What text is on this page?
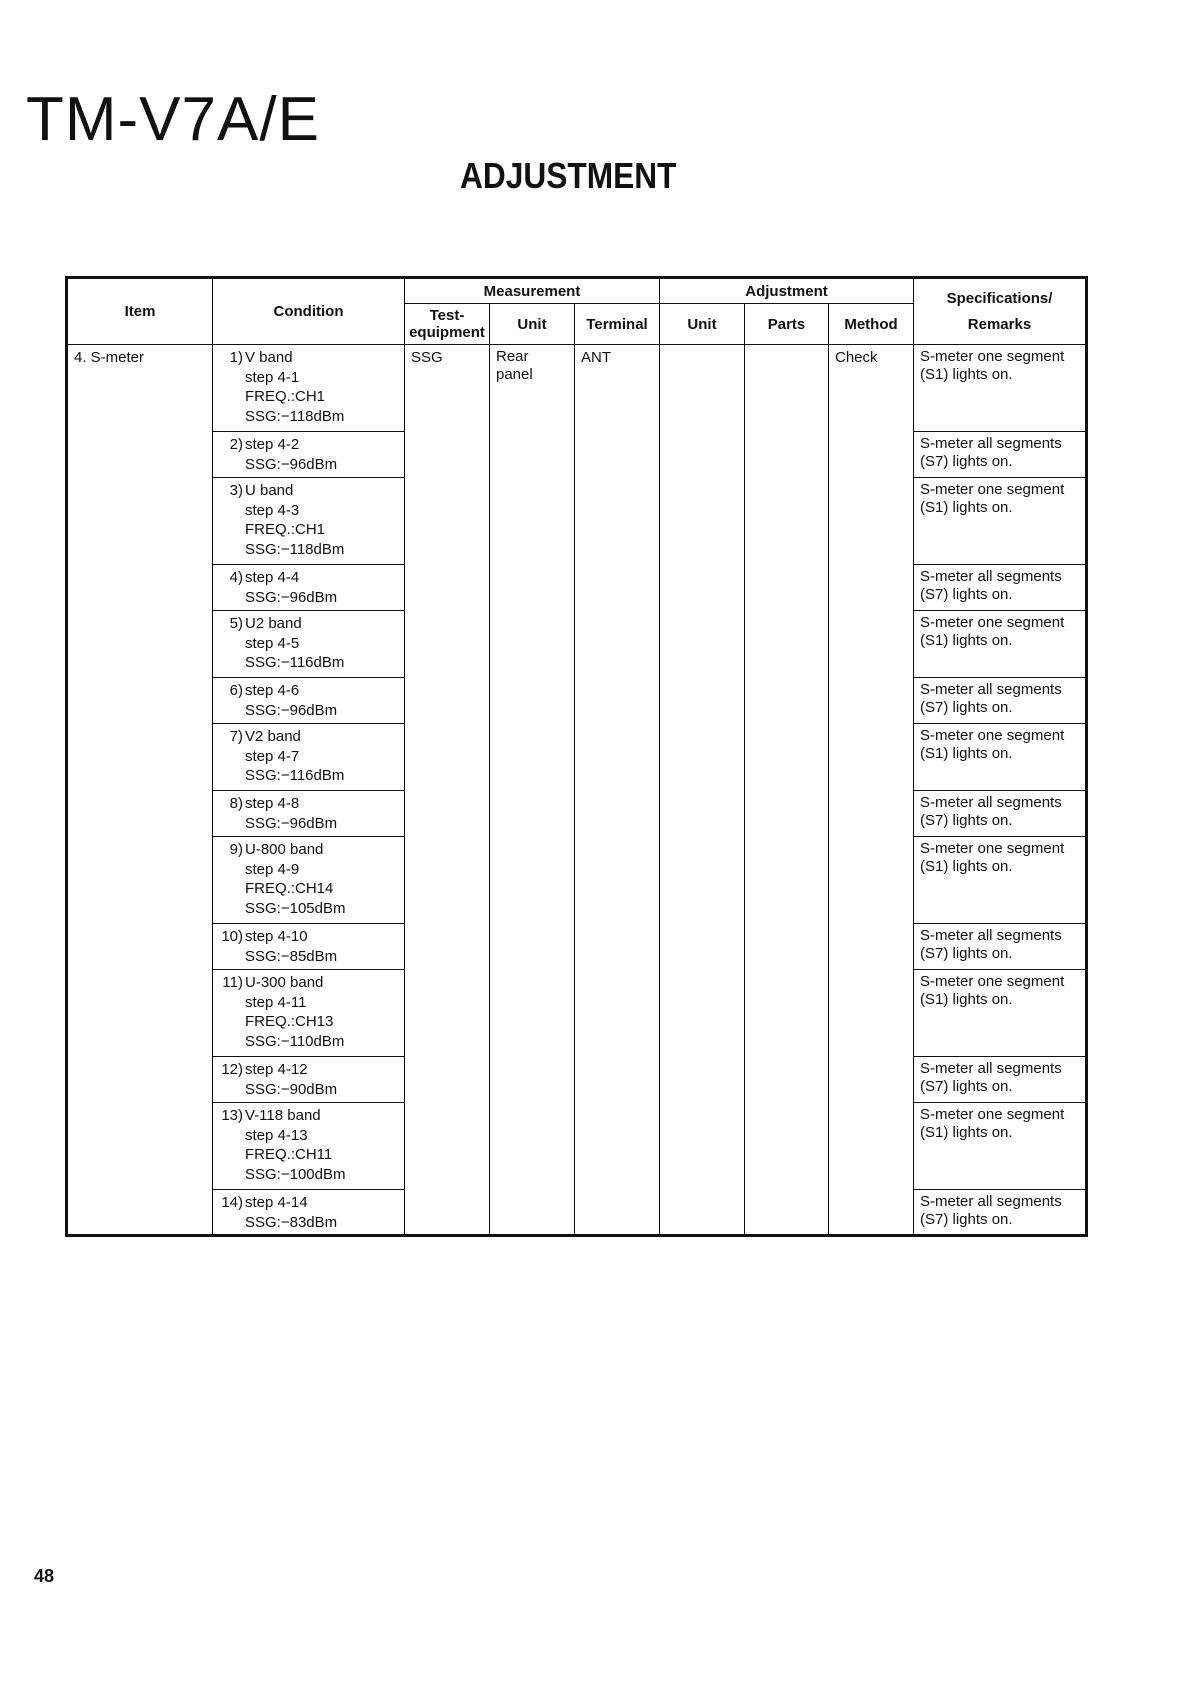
TM-V7A/E
ADJUSTMENT
Item	Condition	Measurement			Adjustment			Specifications/
Remarks

		Test-equipment	Unit	Terminal	Unit	Parts	Method	
4. S-meter	1) V band
step 4-1
FREQ.:CH1
SSG:−118dBm	SSG	Rear
panel	ANT			Check	S-meter one segment
(S1) lights on.

	2) step 4-2
SSG:−96dBm							S-meter all segments
(S7) lights on.

	3) U band
step 4-3
FREQ.:CH1
SSG:−118dBm							S-meter one segment
(S1) lights on.

	4) step 4-4
SSG:−96dBm							S-meter all segments
(S7) lights on.

	5) U2 band
step 4-5
SSG:−116dBm							S-meter one segment
(S1) lights on.

	6) step 4-6
SSG:−96dBm							S-meter all segments
(S7) lights on.

	7) V2 band
step 4-7
SSG:−116dBm							S-meter one segment
(S1) lights on.

	8) step 4-8
SSG:−96dBm							S-meter all segments
(S7) lights on.

	9) U-800 band
step 4-9
FREQ.:CH14
SSG:−105dBm							S-meter one segment
(S1) lights on.

	10) step 4-10
SSG:−85dBm							S-meter all segments
(S7) lights on.

	11) U-300 band
step 4-11
FREQ.:CH13
SSG:−110dBm							S-meter one segment
(S1) lights on.

	12) step 4-12
SSG:−90dBm							S-meter all segments
(S7) lights on.

	13) V-118 band
step 4-13
FREQ.:CH11
SSG:−100dBm							S-meter one segment
(S1) lights on.

	14) step 4-14
SSG:−83dBm							S-meter all segments
(S7) lights on.
48
